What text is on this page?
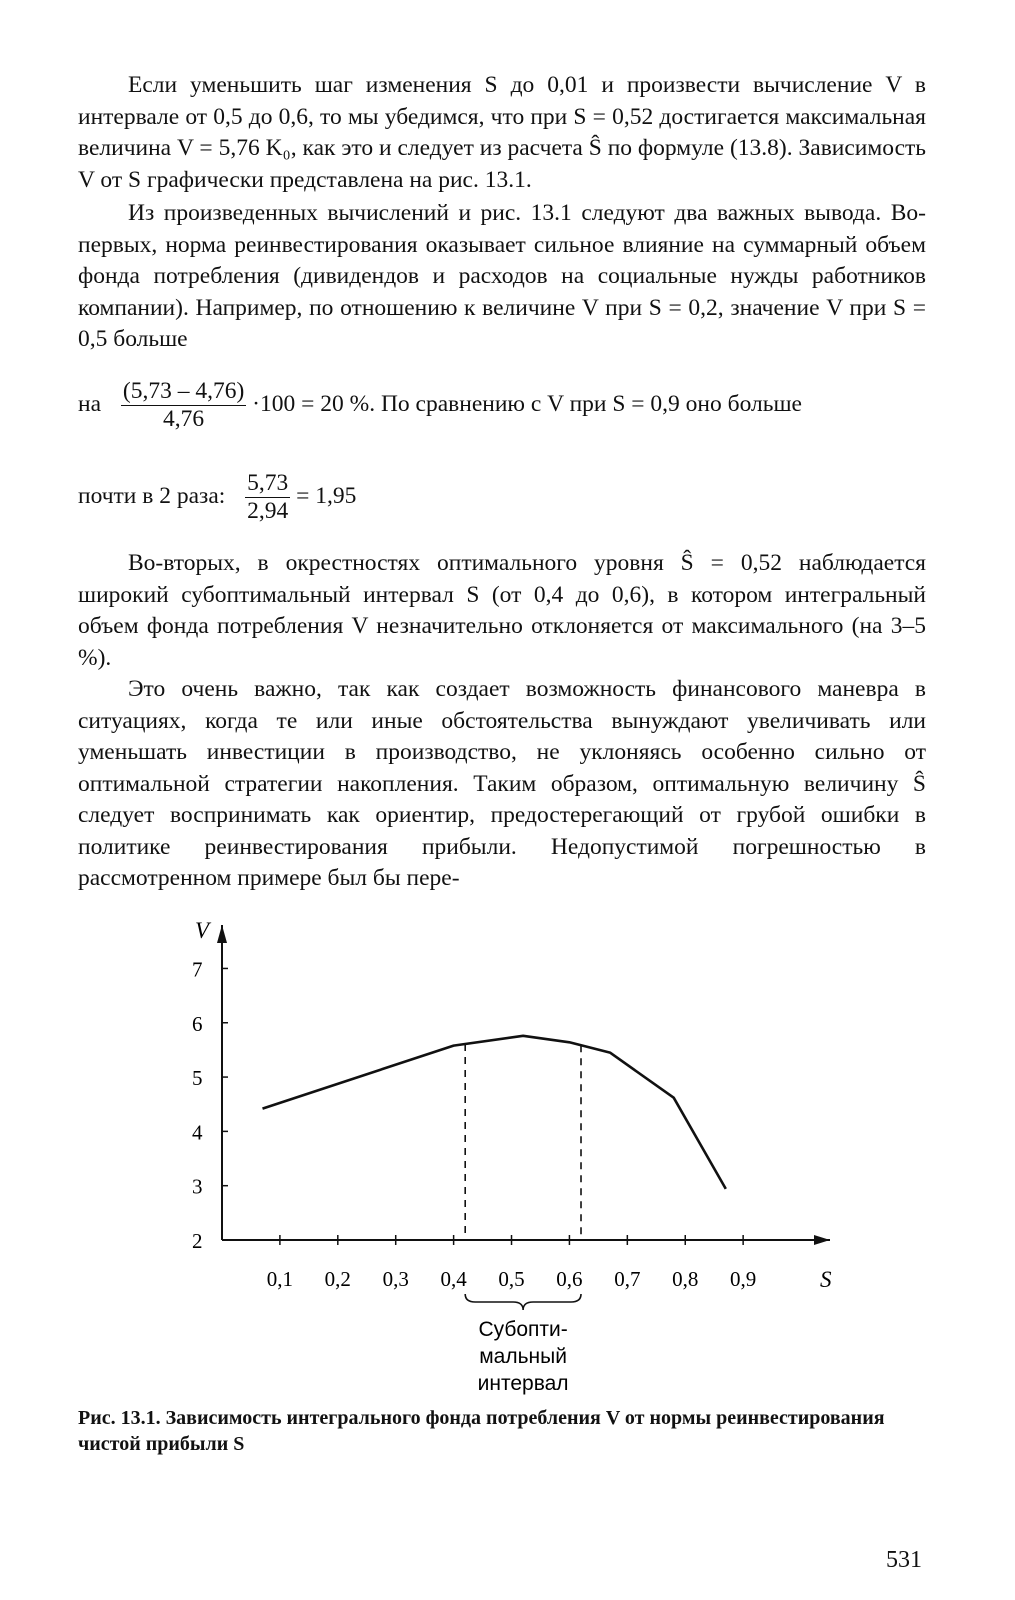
Если уменьшить шаг изменения S до 0,01 и произвести вычисление V в интервале от 0,5 до 0,6, то мы убедимся, что при S = 0,52 достигается максимальная величина V = 5,76 K₀, как это и следует из расчета Ŝ по формуле (13.8). Зависимость V от S графически представлена на рис. 13.1.

Из произведенных вычислений и рис. 13.1 следуют два важных вывода. Во-первых, норма реинвестирования оказывает сильное влияние на суммарный объем фонда потребления (дивидендов и расходов на социальные нужды работников компании). Например, по отношению к величине V при S = 0,2, значение V при S = 0,5 больше

на $\frac{(5,73 - 4,76)}{4,76} \cdot 100 = 20$ %. По сравнению с V при S = 0,9 оно больше
почти в 2 раза: $\frac{5,73}{2,94} = 1,95$

Во-вторых, в окрестностях оптимального уровня Ŝ = 0,52 наблюдается широкий субоптимальный интервал S (от 0,4 до 0,6), в котором интегральный объем фонда потребления V незначительно отклоняется от максимального (на 3–5 %).

Это очень важно, так как создает возможность финансового маневра в ситуациях, когда те или иные обстоятельства вынуждают увеличивать или уменьшать инвестиции в производство, не уклоняясь особенно сильно от оптимальной стратегии накопления. Таким образом, оптимальную величину Ŝ следует воспринимать как ориентир, предостерегающий от грубой ошибки в политике реинвестирования прибыли. Недопустимой погрешностью в рассмотренном примере был бы пере-

V
S
2
3
4
5
6
7
0,1 0,2 0,3 0,4 0,5 0,6 0,7 0,8 0,9
Субопти-
мальный
интервал
Рис. 13.1. Зависимость интегрального фонда потребления V от нормы реинвестирования чистой прибыли S
531
